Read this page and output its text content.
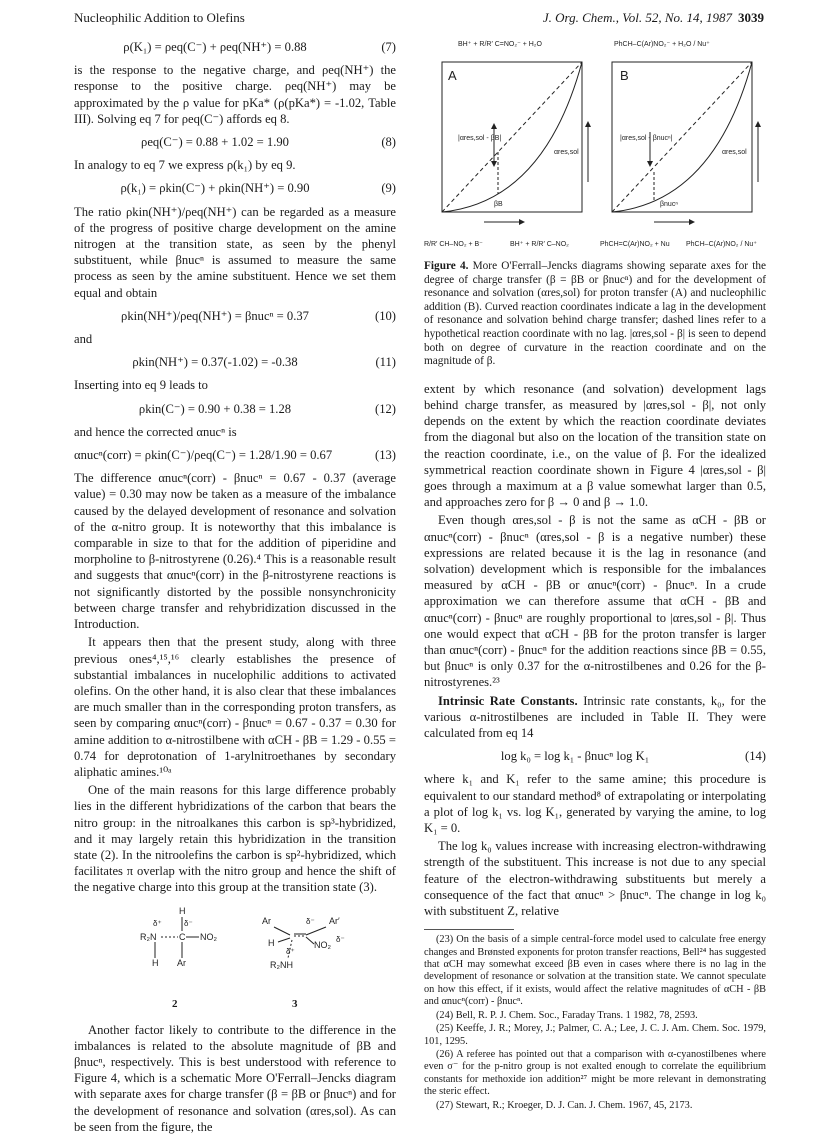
Nucleophilic Addition to Olefins	J. Org. Chem., Vol. 52, No. 14, 1987 3039
ρ(K₁) = ρeq(C⁻) + ρeq(NH⁺) = 0.88	(7)

is the response to the negative charge, and ρeq(NH⁺) the response to the positive charge. ρeq(NH⁺) may be approximated by the ρ value for pKa* (ρ(pKa*) = -1.02, Table III). Solving eq 7 for ρeq(C⁻) affords eq 8.

ρeq(C⁻) = 0.88 + 1.02 = 1.90	(8)

In analogy to eq 7 we express ρ(k₁) by eq 9.

ρ(k₁) = ρkin(C⁻) + ρkin(NH⁺) = 0.90	(9)

The ratio ρkin(NH⁺)/ρeq(NH⁺) can be regarded as a measure of the progress of positive charge development on the amine nitrogen at the transition state, as seen by the phenyl substituent, while βnucⁿ is assumed to measure the same process as seen by the amine substituent. Hence we set them equal and obtain

ρkin(NH⁺)/ρeq(NH⁺) = βnucⁿ = 0.37	(10)

and

ρkin(NH⁺) = 0.37(-1.02) = -0.38	(11)

Inserting into eq 9 leads to

ρkin(C⁻) = 0.90 + 0.38 = 1.28	(12)

and hence the corrected αnucⁿ is

αnucⁿ(corr) = ρkin(C⁻)/ρeq(C⁻) = 1.28/1.90 = 0.67	(13)

The difference αnucⁿ(corr) - βnucⁿ = 0.67 - 0.37 (average value) = 0.30 may now be taken as a measure of the imbalance caused by the delayed development of resonance and solvation of the α-nitro group. It is noteworthy that this imbalance is comparable in size to that for the addition of piperidine and morpholine to β-nitrostyrene (0.26).⁴ This is a reasonable result and suggests that αnucⁿ(corr) in the β-nitrostyrene reactions is not significantly distorted by the possible nonsynchronicity between charge transfer and rehybridization discussed in the Introduction.

It appears then that the present study, along with three previous ones⁴,¹⁵,¹⁶ clearly establishes the presence of substantial imbalances in nucelophilic additions to activated olefins. On the other hand, it is also clear that these imbalances are much smaller than in the corresponding proton transfers, as seen by comparing αnucⁿ(corr) - βnucⁿ = 0.67 - 0.37 = 0.30 for amine addition to α-nitrostilbene with αCH - βB = 1.29 - 0.55 = 0.74 for deprotonation of 1-arylnitroethanes by secondary aliphatic amines.¹⁰ᵃ

One of the main reasons for this large difference probably lies in the different hybridizations of the carbon that bears the nitro group: in the nitroalkanes this carbon is sp³-hybridized, and it may largely retain this hybridization in the transition state (2). In the nitroolefins the carbon is sp²-hybridized, which facilitates π overlap with the nitro group and hence the shift of the negative charge into this group at the transition state (3).

H
δ⁺	δ⁻
R₂N	C NO₂
H Ar
Ar	Ar′
δ⁻
H	NO₂
δ⁻
δ⁺
R₂NH
2	3

Another factor likely to contribute to the difference in the imbalances is related to the absolute magnitude of βB and βnucⁿ, respectively. This is best understood with reference to Figure 4, which is a schematic More O'Ferrall–Jencks diagram with separate axes for charge transfer (β = βB or βnucⁿ) and for the development of resonance and solvation (αres,sol). As can be seen from the figure, the

A	B
BH⁺ + R/R′ C=NO₂⁻ + H₂O	PhCH–C(Ar)NO₂⁻ + H₂O / Nu⁺
R/R′ CH–NO₂ + B⁻	BH⁺ + R/R′ C–NO₂	PhCH=C(Ar)NO₂ + Nu PhCH–C(Ar)NO₂ / Nu⁺
|αres,sol - βB|	|αres,sol - βnucⁿ|
αres,sol	αres,sol
βB	βnucⁿ
Figure 4. More O'Ferrall–Jencks diagrams showing separate axes for the degree of charge transfer (β = βB or βnucⁿ) and for the development of resonance and solvation (αres,sol) for proton transfer (A) and nucleophilic addition (B). Curved reaction coordinates indicate a lag in the development of resonance and solvation behind charge transfer; dashed lines refer to a hypothetical reaction coordinate with no lag. |αres,sol - β| is seen to depend both on degree of curvature in the reaction coordinate and on the magnitude of β.

extent by which resonance (and solvation) development lags behind charge transfer, as measured by |αres,sol - β|, not only depends on the extent by which the reaction coordinate deviates from the diagonal but also on the location of the transition state on the reaction coordinate, i.e., on the value of β. For the idealized symmetrical reaction coordinate shown in Figure 4 |αres,sol - β| goes through a maximum at a β value somewhat larger than 0.5, and approaches zero for β → 0 and β → 1.0.

Even though αres,sol - β is not the same as αCH - βB or αnucⁿ(corr) - βnucⁿ (αres,sol - β is a negative number) these expressions are related because it is the lag in resonance (and solvation) development which is responsible for the imbalances measured by αCH - βB or αnucⁿ(corr) - βnucⁿ. In a crude approximation we can therefore assume that αCH - βB and αnucⁿ(corr) - βnucⁿ are roughly proportional to |αres,sol - β|. Thus one would expect that αCH - βB for the proton transfer is larger than αnucⁿ(corr) - βnucⁿ for the addition reactions since βB = 0.55, but βnucⁿ is only 0.37 for the α-nitrostilbenes and 0.26 for the β-nitrostyrenes.²³

Intrinsic Rate Constants. Intrinsic rate constants, k₀, for the various α-nitrostilbenes are included in Table II. They were calculated from eq 14

log k₀ = log k₁ - βnucⁿ log K₁	(14)

where k₁ and K₁ refer to the same amine; this procedure is equivalent to our standard method⁸ of extrapolating or interpolating a plot of log k₁ vs. log K₁, generated by varying the amine, to log K₁ = 0.

The log k₀ values increase with increasing electron-withdrawing strength of the substituent. This increase is not due to any special feature of the electron-withdrawing substituents but merely a consequence of the fact that αnucⁿ > βnucⁿ. The change in log k₀ with substituent Z, relative

(23) On the basis of a simple central-force model used to calculate free energy changes and Brønsted exponents for proton transfer reactions, Bell²⁴ has suggested that αCH may somewhat exceed βB even in cases where there is no lag in the development of resonance or solvation at the transition state. We cannot speculate on how this effect, if it exists, would affect the relative magnitudes of αCH - βB and αnucⁿ(corr) - βnucⁿ.
(24) Bell, R. P. J. Chem. Soc., Faraday Trans. 1 1982, 78, 2593.
(25) Keeffe, J. R.; Morey, J.; Palmer, C. A.; Lee, J. C. J. Am. Chem. Soc. 1979, 101, 1295.
(26) A referee has pointed out that a comparison with α-cyanostilbenes where even σ⁻ for the p-nitro group is not exalted enough to correlate the equilibrium constants for methoxide ion addition²⁷ might be more relevant in demonstrating the steric effect.
(27) Stewart, R.; Kroeger, D. J. Can. J. Chem. 1967, 45, 2173.
